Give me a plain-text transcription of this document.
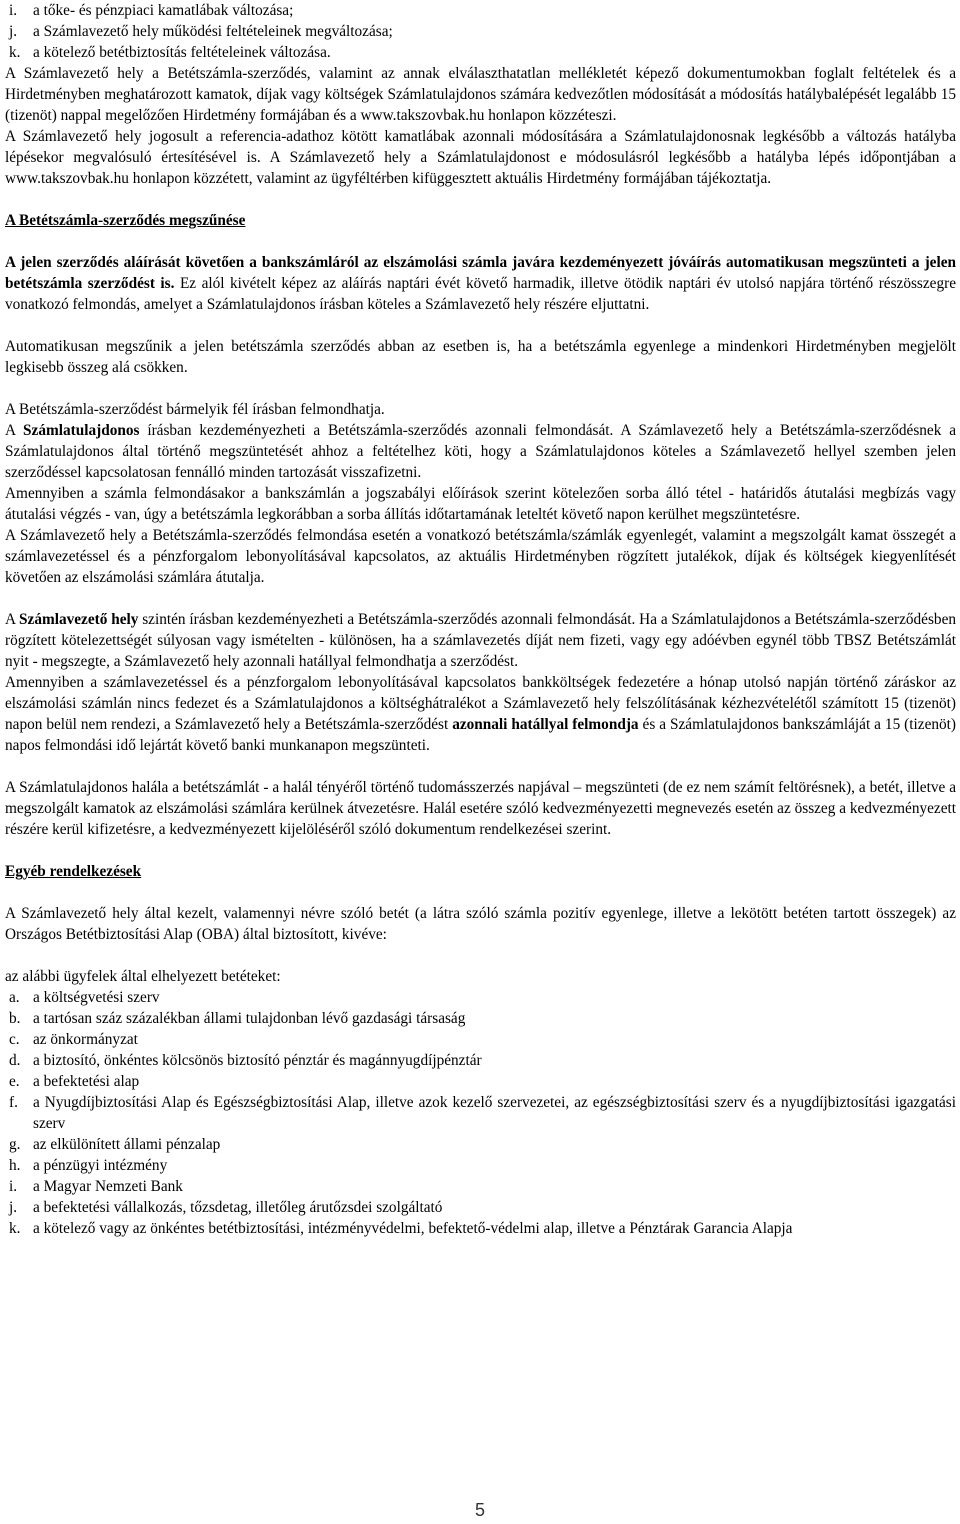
i.	a tőke- és pénzpiaci kamatlábak változása;
j.	a Számlavezető hely működési feltételeinek megváltozása;
k. a kötelező betétbiztosítás feltételeinek változása.

A Számlavezető hely a Betétszámla-szerződés, valamint az annak elválaszthatatlan mellékletét képező dokumentumokban foglalt feltételek és a Hirdetményben meghatározott kamatok, díjak vagy költségek Számlatulajdonos számára kedvezőtlen módosítását a módosítás hatálybalépését legalább 15 (tizenöt) nappal megelőzően Hirdetmény formájában és a www.takszovbak.hu honlapon közzéteszi.

A Számlavezető hely jogosult a referencia-adathoz kötött kamatlábak azonnali módosítására a Számlatulajdonosnak legkésőbb a változás hatályba lépésekor megvalósuló értesítésével is. A Számlavezető hely a Számlatulajdonost e módosulásról legkésőbb a hatályba lépés időpontjában a www.takszovbak.hu honlapon közzétett, valamint az ügyféltérben kifüggesztett aktuális Hirdetmény formájában tájékoztatja.

A Betétszámla-szerződés megszűnése

A jelen szerződés aláírását követően a bankszámláról az elszámolási számla javára kezdeményezett jóváírás automatikusan megszünteti a jelen betétszámla szerződést is. Ez alól kivételt képez az aláírás naptári évét követő harmadik, illetve ötödik naptári év utolsó napjára történő részösszegre vonatkozó felmondás, amelyet a Számlatulajdonos írásban köteles a Számlavezető hely részére eljuttatni.

Automatikusan megszűnik a jelen betétszámla szerződés abban az esetben is, ha a betétszámla egyenlege a mindenkori Hirdetményben megjelölt legkisebb összeg alá csökken.

A Betétszámla-szerződést bármelyik fél írásban felmondhatja.

A Számlatulajdonos írásban kezdeményezheti a Betétszámla-szerződés azonnali felmondását. A Számlavezető hely a Betétszámla-szerződésnek a Számlatulajdonos által történő megszüntetését ahhoz a feltételhez köti, hogy a Számlatulajdonos köteles a Számlavezető hellyel szemben jelen szerződéssel kapcsolatosan fennálló minden tartozását visszafizetni.

Amennyiben a számla felmondásakor a bankszámlán a jogszabályi előírások szerint kötelezően sorba álló tétel - határidős átutalási megbízás vagy átutalási végzés - van, úgy a betétszámla legkorábban a sorba állítás időtartamának leteltét követő napon kerülhet megszüntetésre.

A Számlavezető hely a Betétszámla-szerződés felmondása esetén a vonatkozó betétszámla/számlák egyenlegét, valamint a megszolgált kamat összegét a számlavezetéssel és a pénzforgalom lebonyolításával kapcsolatos, az aktuális Hirdetményben rögzített jutalékok, díjak és költségek kiegyenlítését követően az elszámolási számlára átutalja.

A Számlavezető hely szintén írásban kezdeményezheti a Betétszámla-szerződés azonnali felmondását. Ha a Számlatulajdonos a Betétszámla-szerződésben rögzített kötelezettségét súlyosan vagy ismételten - különösen, ha a számlavezetés díját nem fizeti, vagy egy adóévben egynél több TBSZ Betétszámlát nyit - megszegte, a Számlavezető hely azonnali hatállyal felmondhatja a szerződést.

Amennyiben a számlavezetéssel és a pénzforgalom lebonyolításával kapcsolatos bankköltségek fedezetére a hónap utolsó napján történő záráskor az elszámolási számlán nincs fedezet és a Számlatulajdonos a költséghátralékot a Számlavezető hely felszólításának kézhezvételétől számított 15 (tizenöt) napon belül nem rendezi, a Számlavezető hely a Betétszámla-szerződést azonnali hatállyal felmondja és a Számlatulajdonos bankszámláját a 15 (tizenöt) napos felmondási idő lejártát követő banki munkanapon megszünteti.

A Számlatulajdonos halála a betétszámlát - a halál tényéről történő tudomásszerzés napjával – megszünteti (de ez nem számít feltörésnek), a betét, illetve a megszolgált kamatok az elszámolási számlára kerülnek átvezetésre. Halál esetére szóló kedvezményezetti megnevezés esetén az összeg a kedvezményezett részére kerül kifizetésre, a kedvezményezett kijelöléséről szóló dokumentum rendelkezései szerint.

Egyéb rendelkezések

A Számlavezető hely által kezelt, valamennyi névre szóló betét (a látra szóló számla pozitív egyenlege, illetve a lekötött betéten tartott összegek) az Országos Betétbiztosítási Alap (OBA) által biztosított, kivéve:

az alábbi ügyfelek által elhelyezett betéteket:

a. a költségvetési szerv
b. a tartósan száz százalékban állami tulajdonban lévő gazdasági társaság
c. az önkormányzat
d. a biztosító, önkéntes kölcsönös biztosító pénztár és magánnyugdíjpénztár
e. a befektetési alap
f. a Nyugdíjbiztosítási Alap és Egészségbiztosítási Alap, illetve azok kezelő szervezetei, az egészségbiztosítási szerv és a nyugdíjbiztosítási igazgatási szerv
g. az elkülönített állami pénzalap
h. a pénzügyi intézmény
i.	a Magyar Nemzeti Bank
j.	a befektetési vállalkozás, tőzsdetag, illetőleg árutőzsdei szolgáltató
k. a kötelező vagy az önkéntes betétbiztosítási, intézményvédelmi, befektető-védelmi alap, illetve a Pénztárak Garancia Alapja
5
